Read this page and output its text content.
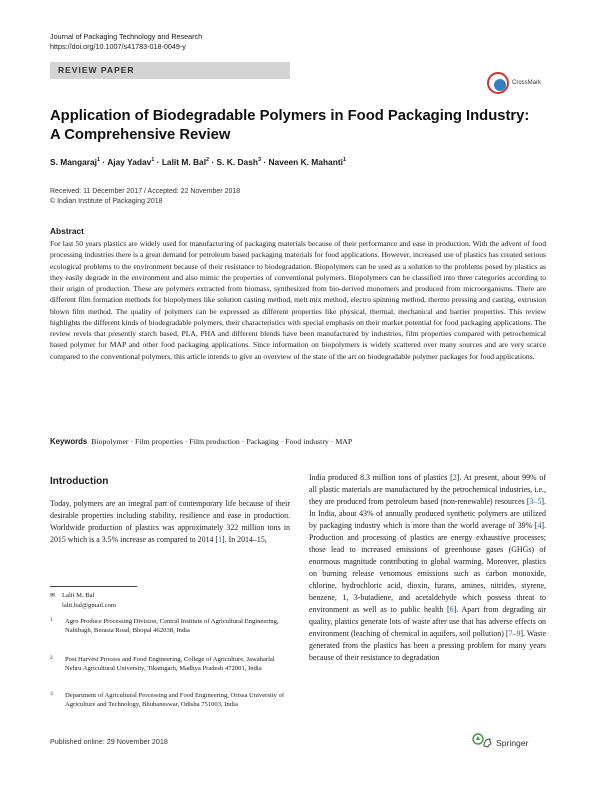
Journal of Packaging Technology and Research
https://doi.org/10.1007/s41783-018-0049-y
REVIEW PAPER
CrossMark
Application of Biodegradable Polymers in Food Packaging Industry:
A Comprehensive Review
S. Mangaraj$^1$ · Ajay Yadav$^1$ · Lalit M. Bal$^2$ · S. K. Dash$^3$ · Naveen K. Mahanti$^1$
Received: 11 December 2017 / Accepted: 22 November 2018
© Indian Institute of Packaging 2018
Abstract
For last 50 years plastics are widely used for manufacturing of packaging materials because of their performance and ease in production. With the advent of food processing industries there is a great demand for petroleum based packaging materials for food applications. However, increased use of plastics has created serious ecological problems to the environment because of their resistance to biodegradation. Biopolymers can be used as a solution to the problems posed by plastics as they easily degrade in the environment and also mimic the properties of conventional polymers. Biopolymers can be classified into three categories according to their origin of production. These are polymers extracted from biomass, synthesized from bio-derived monomers and produced from microorganisms. There are different film formation methods for biopolymers like solution casting method, melt mix method, electro spinning method, thermo pressing and casting, extrusion blown film method. The quality of polymers can be expressed as different properties like physical, thermal, mechanical and barrier properties. This review highlights the different kinds of biodegradable polymers, their characteristics with special emphasis on their market potential for food packaging applications. The review revels that presently starch based, PLA, PHA and different blends have been manufactured by industries, film properties compared with petrochemical based polymer for MAP and other food packaging applications. Since information on biopolymers is widely scattered over many sources and are very scarce compared to the conventional polymers, this article intends to give an overview of the state of the art on biodegradable polymer packages for food applications.
Keywords Biopolymer · Film properties · Film production · Packaging · Food industry · MAP
Introduction
Today, polymers are an integral part of contemporary life because of their desirable properties including stability, resilience and ease in production. Worldwide production of plastics was approximately 322 million tons in 2015 which is a 3.5% increase as compared to 2014 [1]. In 2014–15,
India produced 8.3 million tons of plastics [2]. At present, about 99% of all plastic materials are manufactured by the petrochemical industries, i.e., they are produced from petroleum based (non-renewable) resources [3–5]. In India, about 43% of annually produced synthetic polymers are utilized by packaging industry which is more than the world average of 39% [4]. Production and processing of plastics are energy exhaustive processes; those lead to increased emissions of greenhouse gases (GHGs) of enormous magnitude contributing to global warming. Moreover, plastics on burning release venomous emissions such as carbon monoxide, chlorine, hydrochloric acid, dioxin, furans, amines, nitrides, styrene, benzene, 1, 3-butadiene, and acetaldehyde which possess threat to environment as well as to public health [6]. Apart from degrading air quality, plastics generate lots of waste after use that has adverse effects on environment (leaching of chemical in aquifers, soil pollution) [7–9]. Waste generated from the plastics has been a pressing problem for many years because of their resistance to degradation
✉ Lalit M. Bal
lalit.bal@gmail.com
1 Agro Produce Processing Division, Central Institute of Agricultural Engineering, Nabibagh, Berasia Road, Bhopal 462038, India
2 Post Harvest Process and Food Engineering, College of Agriculture, Jawaharlal Nehru Agricultural University, Tikamgarh, Madhya Pradesh 472001, India
3 Department of Agricultural Processing and Food Engineering, Orissa University of Agriculture and Technology, Bhubaneswar, Odisha 751003, India
Published online: 29 November 2018	Springer
